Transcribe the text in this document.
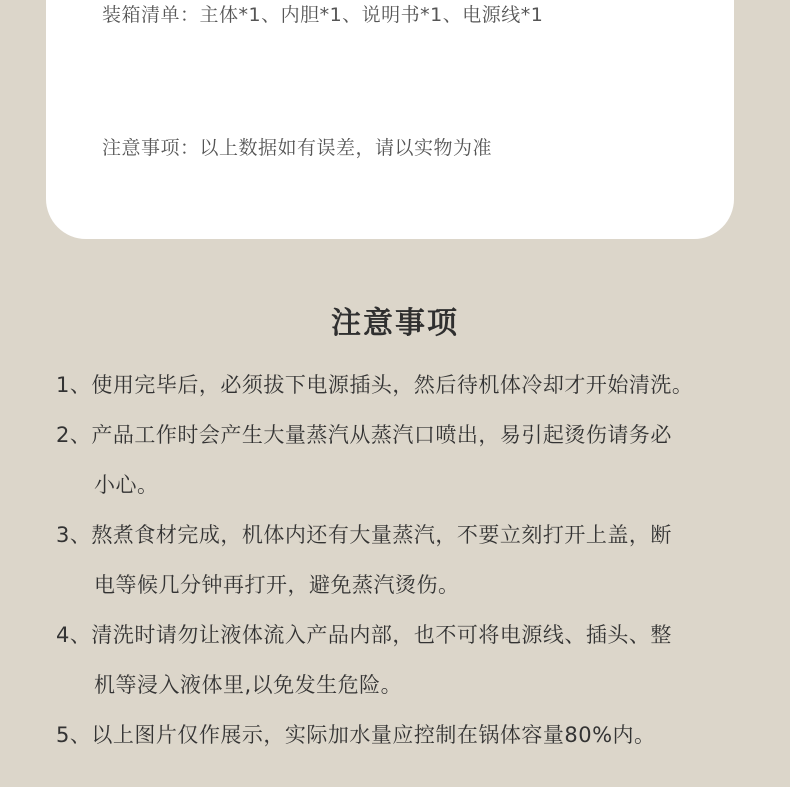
装箱清单：主体*1、内胆*1、说明书*1、电源线*1
注意事项：以上数据如有误差，请以实物为准
注意事项
1、使用完毕后，必须拔下电源插头，然后待机体冷却才开始清洗。
2、产品工作时会产生大量蒸汽从蒸汽口喷出，易引起烫伤请务必
小心。
3、熬煮食材完成，机体内还有大量蒸汽，不要立刻打开上盖，断
电等候几分钟再打开，避免蒸汽烫伤。
4、清洗时请勿让液体流入产品内部，也不可将电源线、插头、整
机等浸入液体里,以免发生危险。
5、以上图片仅作展示，实际加水量应控制在锅体容量80%内。
